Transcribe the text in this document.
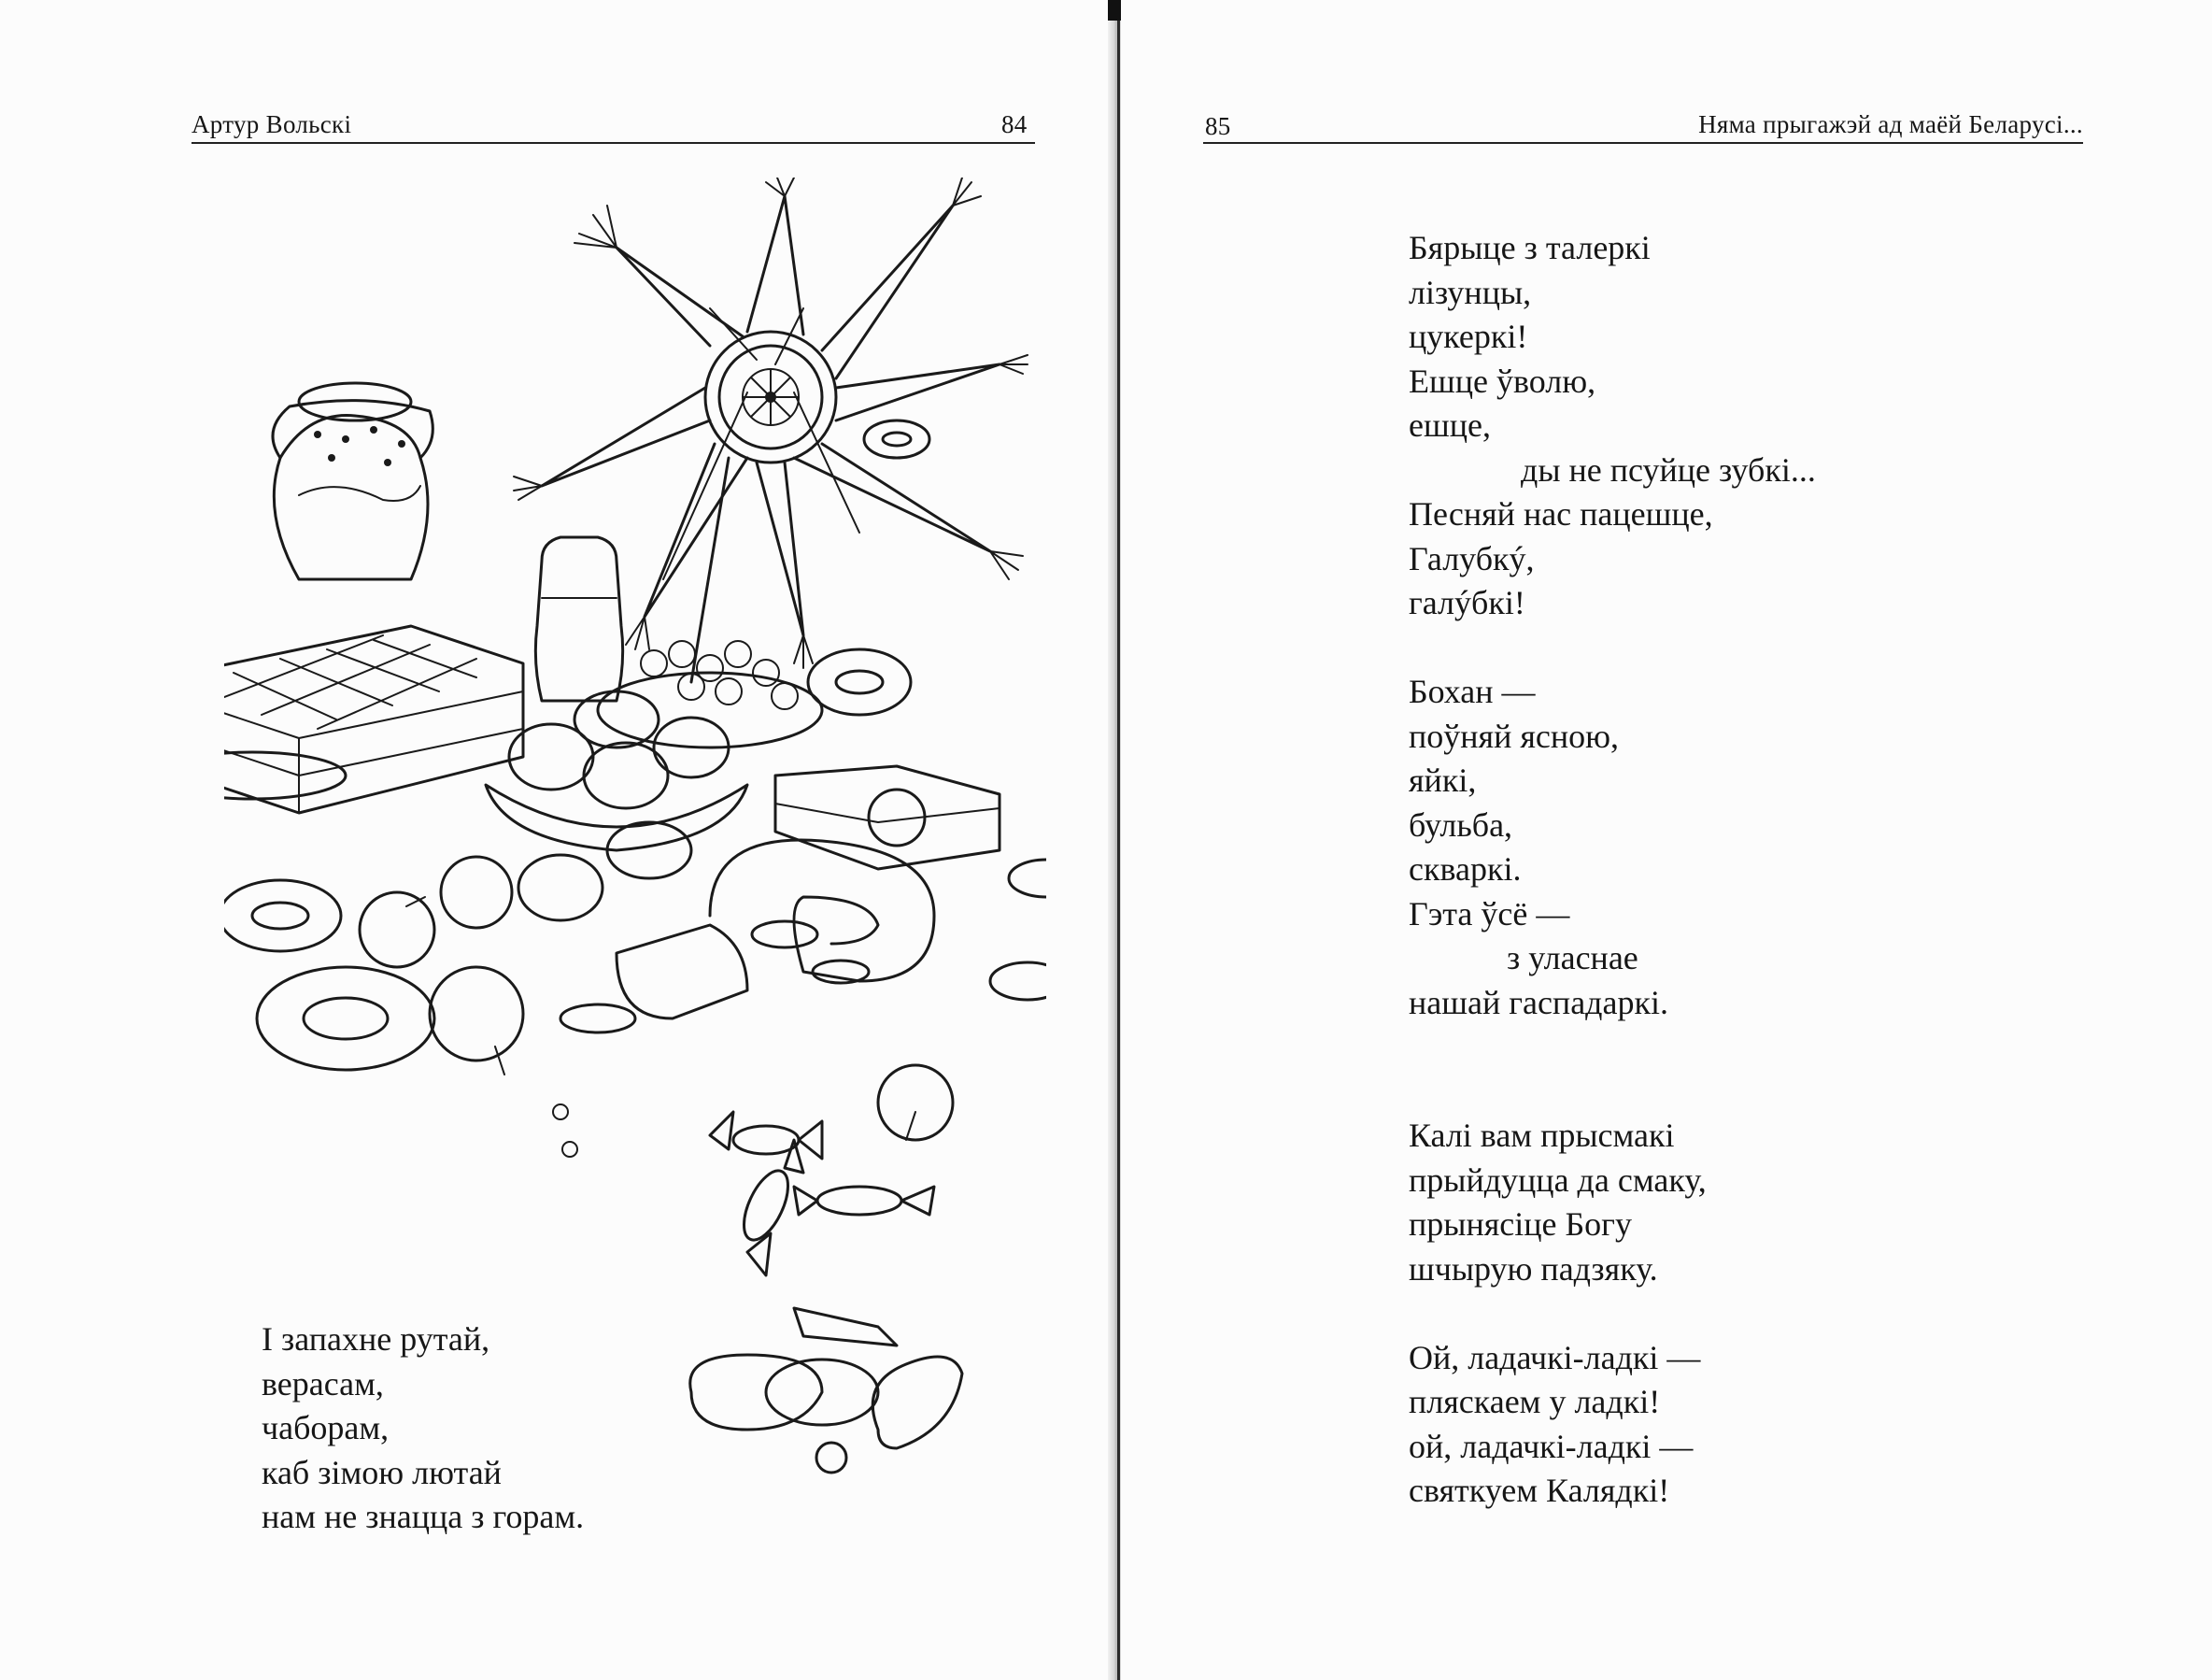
Артур Вольскі	84
І запахне рутай,
верасам,
чаборам,
каб зімою лютай
нам не знацца з горам.
85	Няма прыгажэй ад маёй Беларусі...
Бярыце з талеркі
лізунцы,
цукеркі!
Ешце ўволю,
ешце,
ды не псуйце зубкі...
Песняй нас пацешце,
Галубкý,
галýбкі!
Бохан —
поўняй ясною,
яйкі,
бульба,
скваркі.
Гэта ўсё —
з уласнае
нашай гаспадаркі.
Калі вам прысмакі
прыйдуцца да смаку,
прынясіце Богу
шчырую падзяку.
Ой, ладачкі-ладкі —
пляскаем у ладкі!
ой, ладачкі-ладкі —
святкуем Калядкі!
